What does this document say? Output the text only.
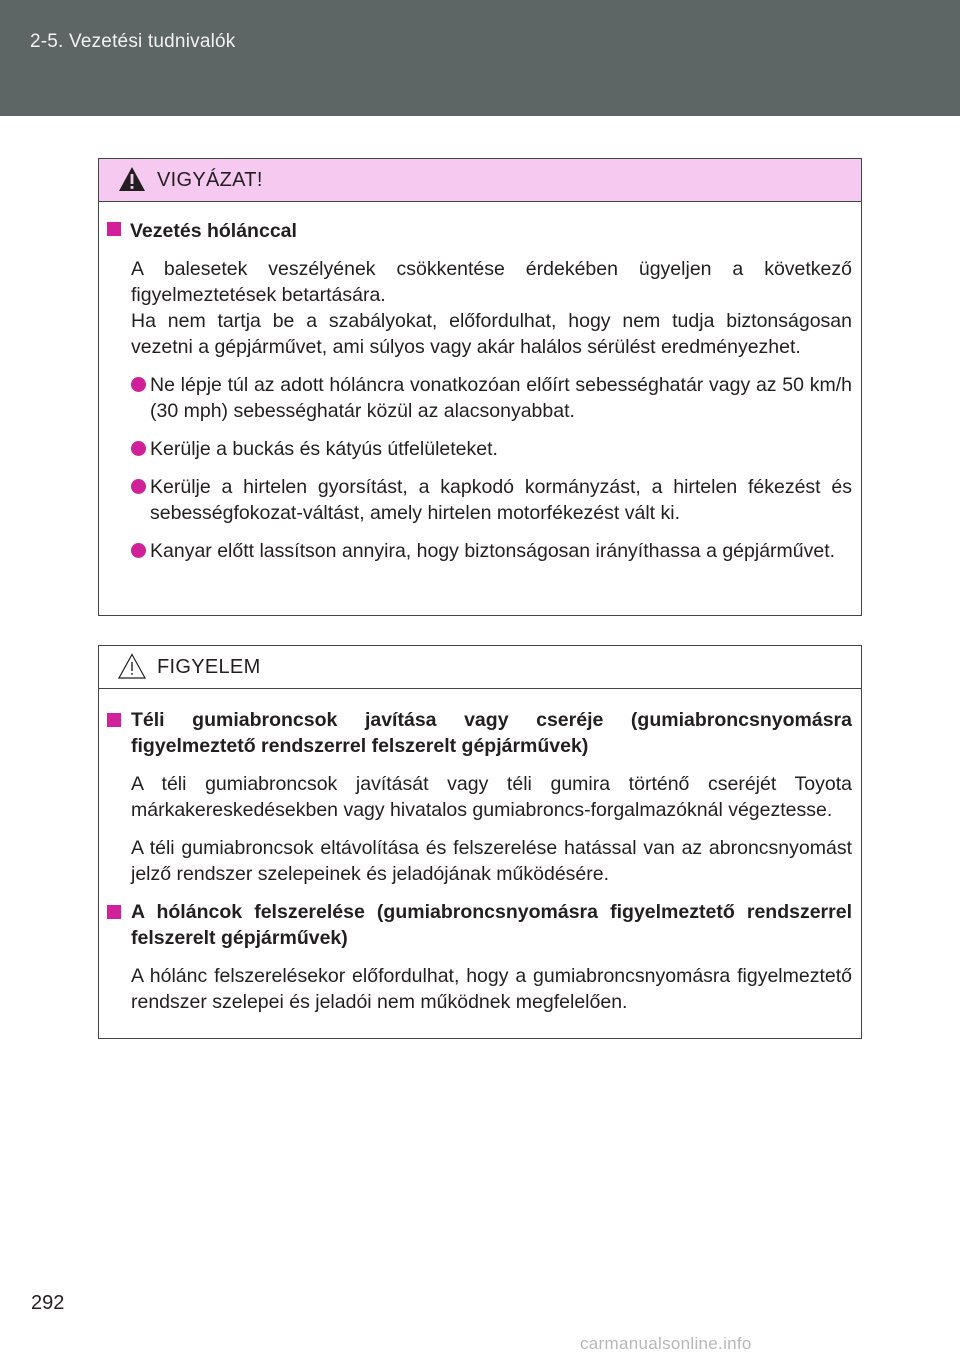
2-5. Vezetési tudnivalók
VIGYÁZAT!

Vezetés hólánccal

A balesetek veszélyének csökkentése érdekében ügyeljen a következő figyelmeztetések betartására.

Ha nem tartja be a szabályokat, előfordulhat, hogy nem tudja biztonságosan vezetni a gépjárművet, ami súlyos vagy akár halálos sérülést eredményezhet.

Ne lépje túl az adott hóláncra vonatkozóan előírt sebességhatár vagy az 50 km/h (30 mph) sebességhatár közül az alacsonyabbat.

Kerülje a buckás és kátyús útfelületeket.

Kerülje a hirtelen gyorsítást, a kapkodó kormányzást, a hirtelen fékezést és sebességfokozat-váltást, amely hirtelen motorfékezést vált ki.

Kanyar előtt lassítson annyira, hogy biztonságosan irányíthassa a gépjárművet.

FIGYELEM

Téli gumiabroncsok javítása vagy cseréje (gumiabroncsnyomásra figyelmeztető rendszerrel felszerelt gépjárművek)

A téli gumiabroncsok javítását vagy téli gumira történő cseréjét Toyota márkakereskedésekben vagy hivatalos gumiabroncs-forgalmazóknál végeztesse.

A téli gumiabroncsok eltávolítása és felszerelése hatással van az abroncsnyomást jelző rendszer szelepeinek és jeladójának működésére.

A hóláncok felszerelése (gumiabroncsnyomásra figyelmeztető rendszerrel felszerelt gépjárművek)

A hólánc felszerelésekor előfordulhat, hogy a gumiabroncsnyomásra figyelmeztető rendszer szelepei és jeladói nem működnek megfelelően.

292
carmanualsonline.info
